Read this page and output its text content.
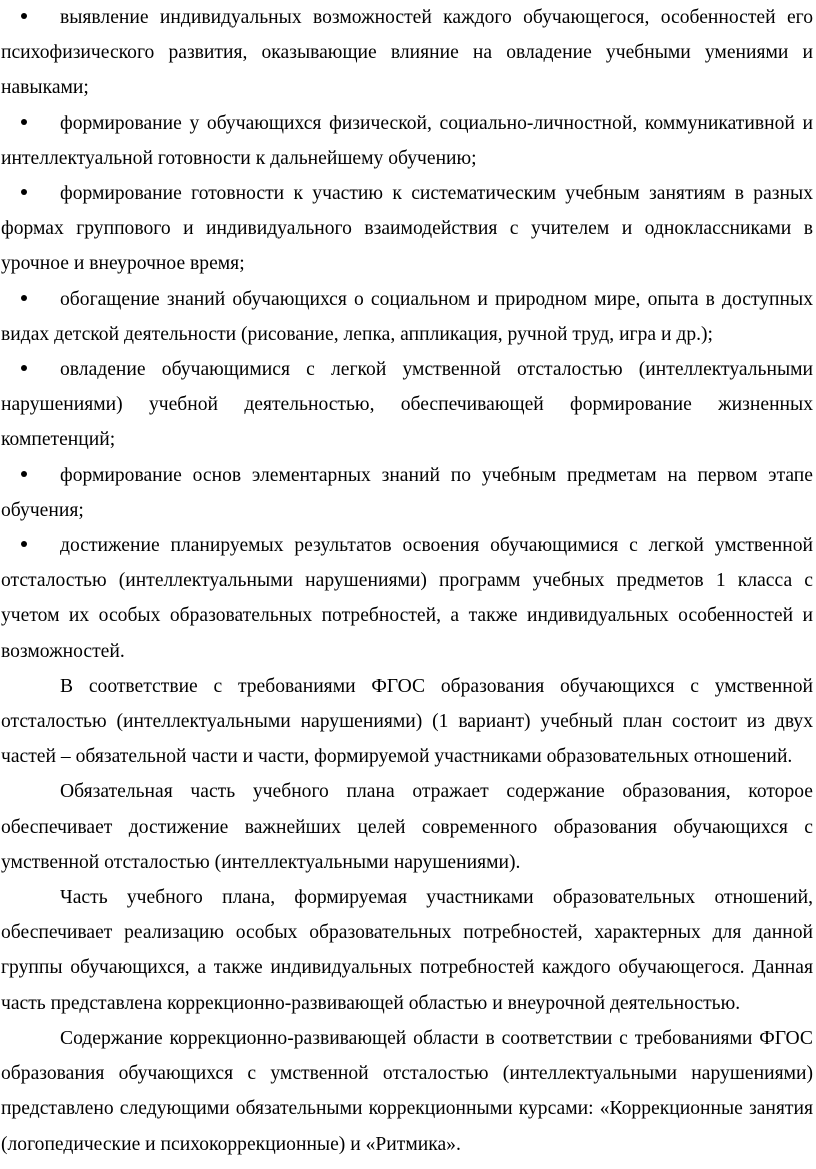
выявление индивидуальных возможностей каждого обучающегося, особенностей его психофизического развития, оказывающие влияние на овладение учебными умениями и навыками;
формирование у обучающихся физической, социально-личностной, коммуникативной и интеллектуальной готовности к дальнейшему обучению;
формирование готовности к участию к систематическим учебным занятиям в разных формах группового и индивидуального взаимодействия с учителем и одноклассниками в урочное и внеурочное время;
обогащение знаний обучающихся о социальном и природном мире, опыта в доступных видах детской деятельности (рисование, лепка, аппликация, ручной труд, игра и др.);
овладение обучающимися с легкой умственной отсталостью (интеллектуальными нарушениями) учебной деятельностью, обеспечивающей формирование жизненных компетенций;
формирование основ элементарных знаний по учебным предметам на первом этапе обучения;
достижение планируемых результатов освоения обучающимися с легкой умственной отсталостью (интеллектуальными нарушениями) программ учебных предметов 1 класса с учетом их особых образовательных потребностей, а также индивидуальных особенностей и возможностей.

В соответствие с требованиями ФГОС образования обучающихся с умственной отсталостью (интеллектуальными нарушениями) (1 вариант) учебный план состоит из двух частей – обязательной части и части, формируемой участниками образовательных отношений.

Обязательная часть учебного плана отражает содержание образования, которое обеспечивает достижение важнейших целей современного образования обучающихся с умственной отсталостью (интеллектуальными нарушениями).

Часть учебного плана, формируемая участниками образовательных отношений, обеспечивает реализацию особых образовательных потребностей, характерных для данной группы обучающихся, а также индивидуальных потребностей каждого обучающегося. Данная часть представлена коррекционно-развивающей областью и внеурочной деятельностью.

Содержание коррекционно-развивающей области в соответствии с требованиями ФГОС образования обучающихся с умственной отсталостью (интеллектуальными нарушениями) представлено следующими обязательными коррекционными курсами: «Коррекционные занятия (логопедические и психокоррекционные) и «Ритмика».
